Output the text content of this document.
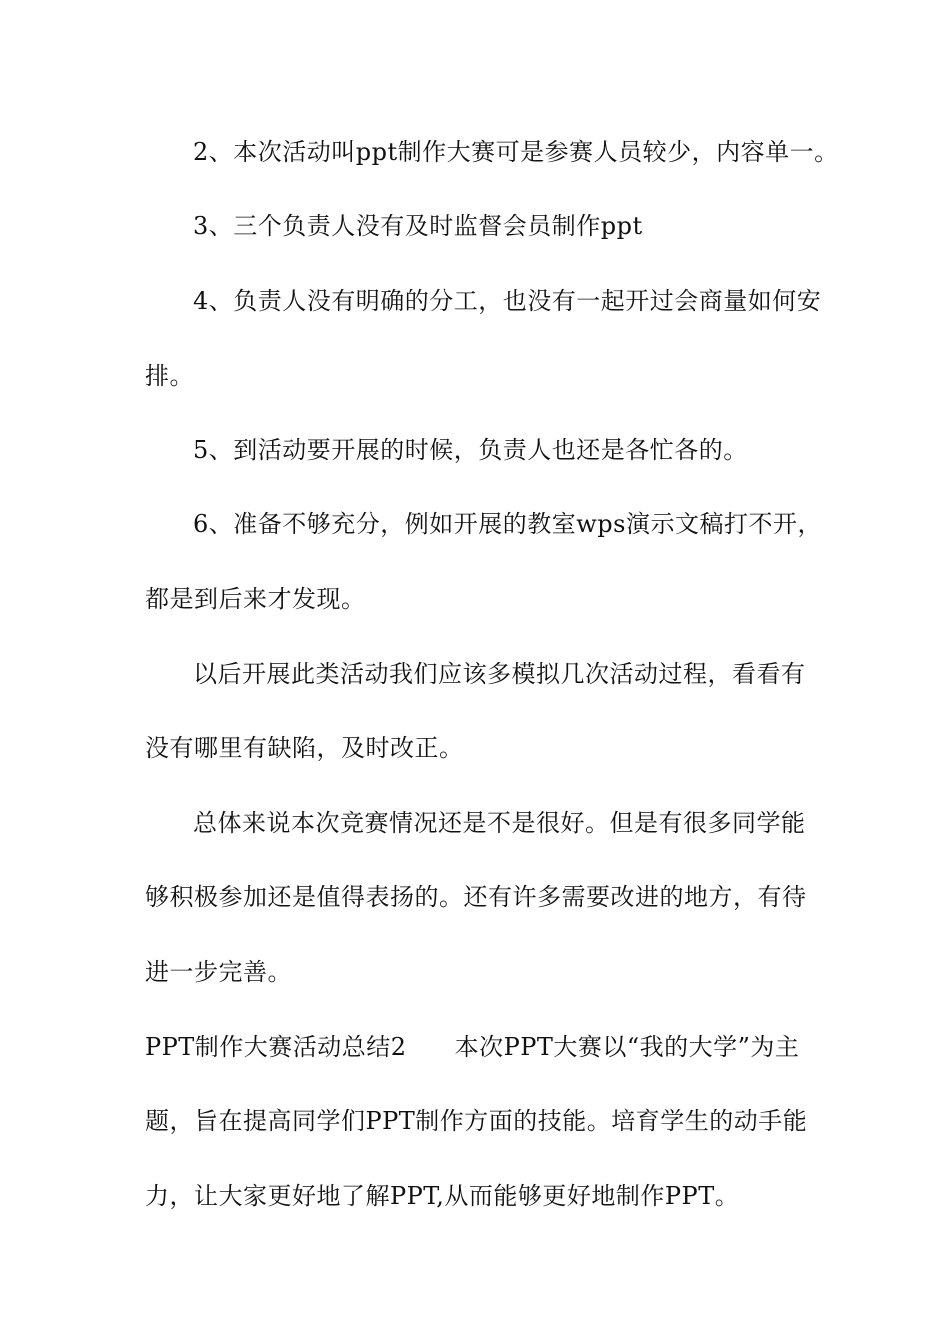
2、本次活动叫ppt制作大赛可是参赛人员较少，内容单一。
3、三个负责人没有及时监督会员制作ppt
4、负责人没有明确的分工，也没有一起开过会商量如何安
排。
5、到活动要开展的时候，负责人也还是各忙各的。
6、准备不够充分，例如开展的教室wps演示文稿打不开，
都是到后来才发现。
以后开展此类活动我们应该多模拟几次活动过程，看看有
没有哪里有缺陷，及时改正。
总体来说本次竞赛情况还是不是很好。但是有很多同学能
够积极参加还是值得表扬的。还有许多需要改进的地方，有待
进一步完善。
PPT制作大赛活动总结2 本次PPT大赛以“我的大学”为主
题，旨在提高同学们PPT制作方面的技能。培育学生的动手能
力，让大家更好地了解PPT,从而能够更好地制作PPT。
